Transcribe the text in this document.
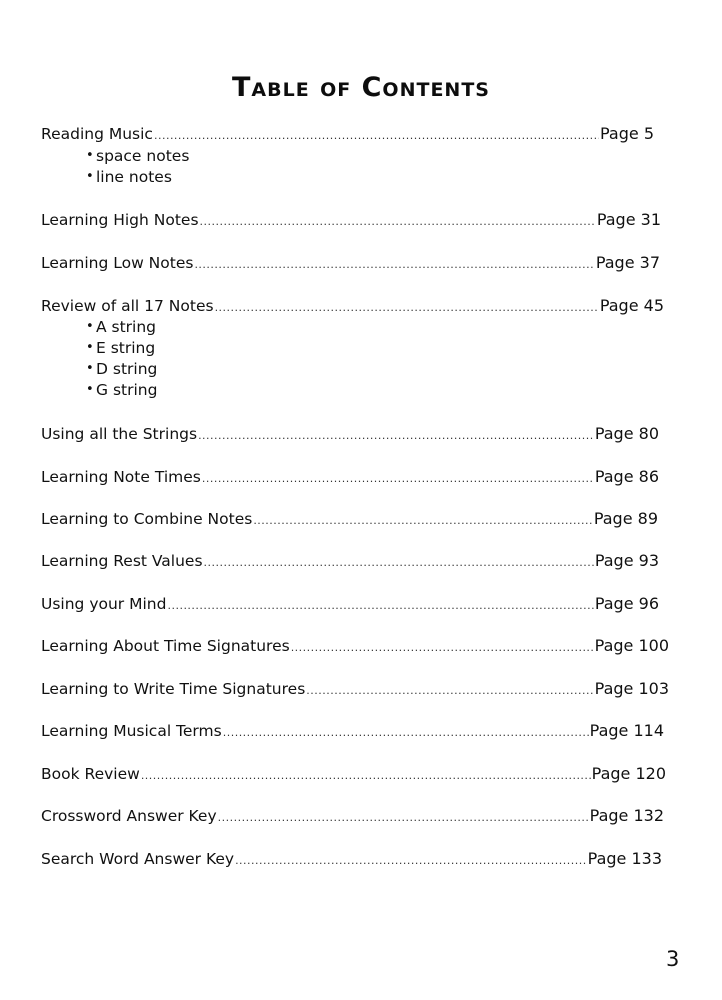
Table of Contents
Reading Music .....	Page 5
• space notes
• line notes
Learning High Notes .....	Page 31
Learning Low Notes .....	Page 37
Review of all 17 Notes .....	Page 45
• A string
• E string
• D string
• G string
Using all the Strings .....	Page 80
Learning Note Times .....	Page 86
Learning to Combine Notes .....	Page 89
Learning Rest Values .....	Page 93
Using your Mind .....	Page 96
Learning About Time Signatures .....	Page 100
Learning to Write Time Signatures .....	Page 103
Learning Musical Terms .....	Page 114
Book Review .....	Page 120
Crossword Answer Key .....	Page 132
Search Word Answer Key .....	Page 133
3
